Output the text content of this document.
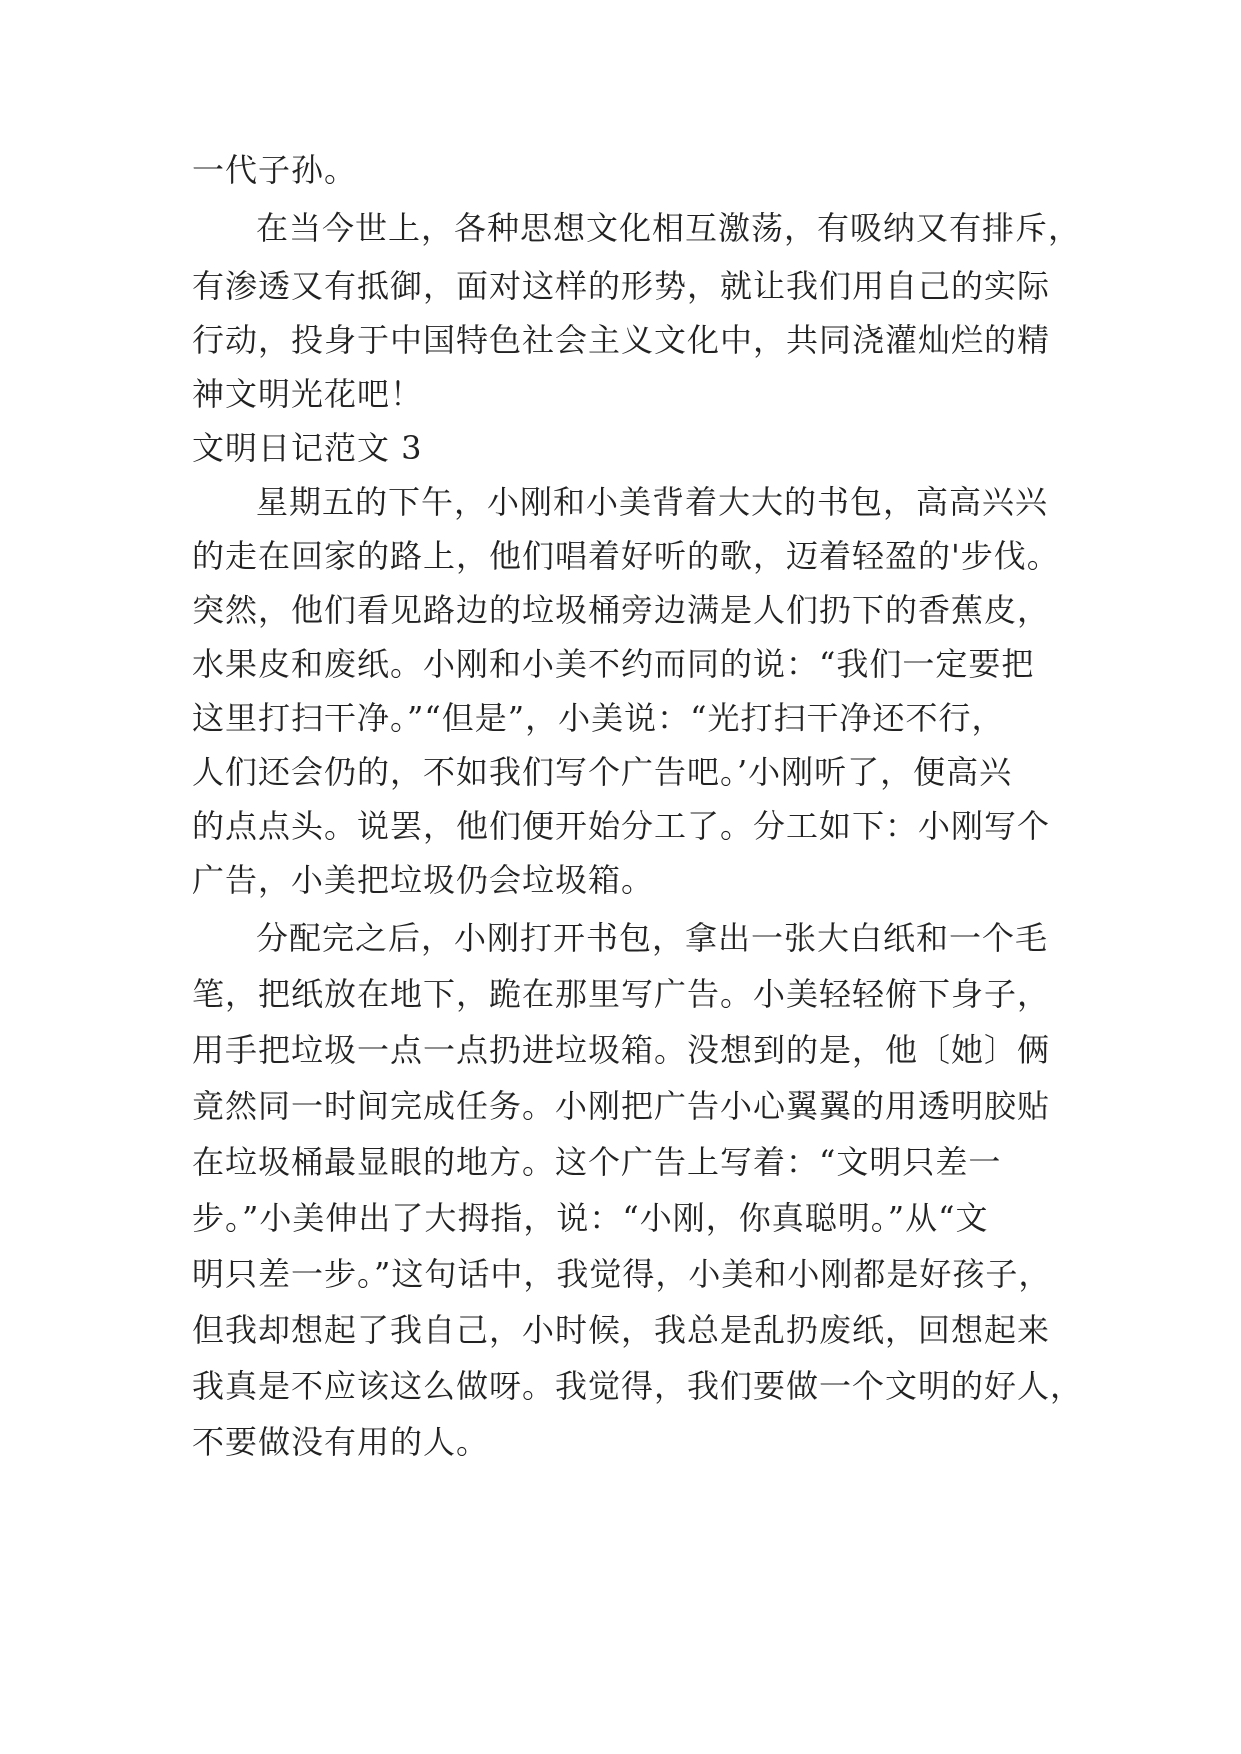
一代子孙。
在当今世上，各种思想文化相互激荡，有吸纳又有排斥，
有渗透又有抵御，面对这样的形势，就让我们用自己的实际
行动，投身于中国特色社会主义文化中，共同浇灌灿烂的精
神文明光花吧！
文明日记范文 3
星期五的下午，小刚和小美背着大大的书包，高高兴兴
的走在回家的路上，他们唱着好听的歌，迈着轻盈的'步伐。
突然，他们看见路边的垃圾桶旁边满是人们扔下的香蕉皮，
水果皮和废纸。小刚和小美不约而同的说：“我们一定要把
这里打扫干净。”“但是”，小美说：“光打扫干净还不行，
人们还会仍的，不如我们写个广告吧。’小刚听了，便高兴
的点点头。说罢，他们便开始分工了。分工如下：小刚写个
广告，小美把垃圾仍会垃圾箱。
分配完之后，小刚打开书包，拿出一张大白纸和一个毛
笔，把纸放在地下，跪在那里写广告。小美轻轻俯下身子，
用手把垃圾一点一点扔进垃圾箱。没想到的是，他〔她〕俩
竟然同一时间完成任务。小刚把广告小心翼翼的用透明胶贴
在垃圾桶最显眼的地方。这个广告上写着：“文明只差一
步。”小美伸出了大拇指，说：“小刚，你真聪明。”从“文
明只差一步。”这句话中，我觉得，小美和小刚都是好孩子，
但我却想起了我自己，小时候，我总是乱扔废纸，回想起来
我真是不应该这么做呀。我觉得，我们要做一个文明的好人，
不要做没有用的人。
